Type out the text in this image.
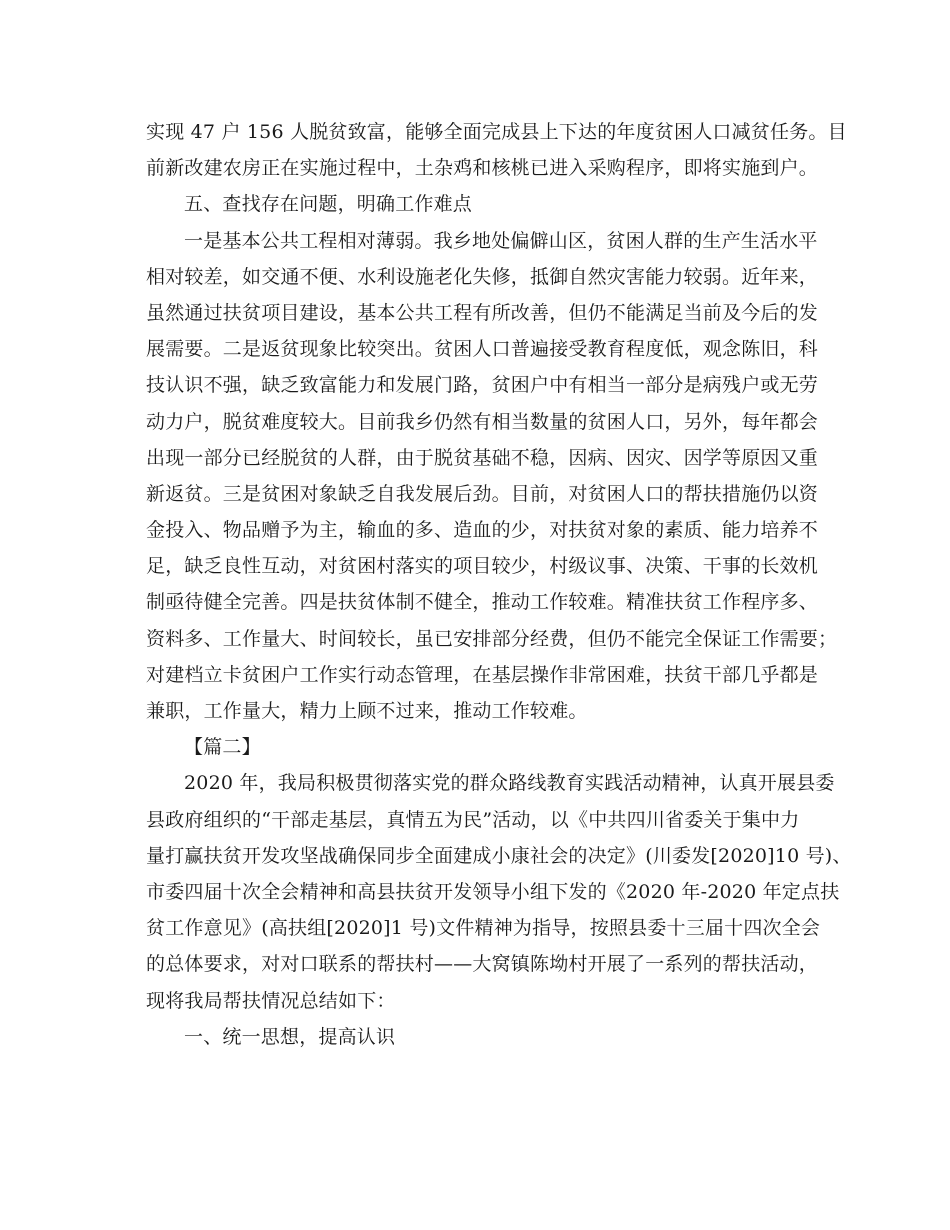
实现 47 户 156 人脱贫致富，能够全面完成县上下达的年度贫困人口减贫任务。目
前新改建农房正在实施过程中，土杂鸡和核桃已进入采购程序，即将实施到户。
五、查找存在问题，明确工作难点
一是基本公共工程相对薄弱。我乡地处偏僻山区，贫困人群的生产生活水平
相对较差，如交通不便、水利设施老化失修，抵御自然灾害能力较弱。近年来，
虽然通过扶贫项目建设，基本公共工程有所改善，但仍不能满足当前及今后的发
展需要。二是返贫现象比较突出。贫困人口普遍接受教育程度低，观念陈旧，科
技认识不强，缺乏致富能力和发展门路，贫困户中有相当一部分是病残户或无劳
动力户，脱贫难度较大。目前我乡仍然有相当数量的贫困人口，另外，每年都会
出现一部分已经脱贫的人群，由于脱贫基础不稳，因病、因灾、因学等原因又重
新返贫。三是贫困对象缺乏自我发展后劲。目前，对贫困人口的帮扶措施仍以资
金投入、物品赠予为主，输血的多、造血的少，对扶贫对象的素质、能力培养不
足，缺乏良性互动，对贫困村落实的项目较少，村级议事、决策、干事的长效机
制亟待健全完善。四是扶贫体制不健全，推动工作较难。精准扶贫工作程序多、
资料多、工作量大、时间较长，虽已安排部分经费，但仍不能完全保证工作需要；
对建档立卡贫困户工作实行动态管理，在基层操作非常困难，扶贫干部几乎都是
兼职，工作量大，精力上顾不过来，推动工作较难。
【篇二】
2020 年，我局积极贯彻落实党的群众路线教育实践活动精神，认真开展县委
县政府组织的“干部走基层，真情五为民”活动，以《中共四川省委关于集中力
量打赢扶贫开发攻坚战确保同步全面建成小康社会的决定》(川委发[2020]10 号)、
市委四届十次全会精神和高县扶贫开发领导小组下发的《2020 年-2020 年定点扶
贫工作意见》(高扶组[2020]1 号)文件精神为指导，按照县委十三届十四次全会
的总体要求，对对口联系的帮扶村——大窝镇陈坳村开展了一系列的帮扶活动，
现将我局帮扶情况总结如下：
一、统一思想，提高认识
